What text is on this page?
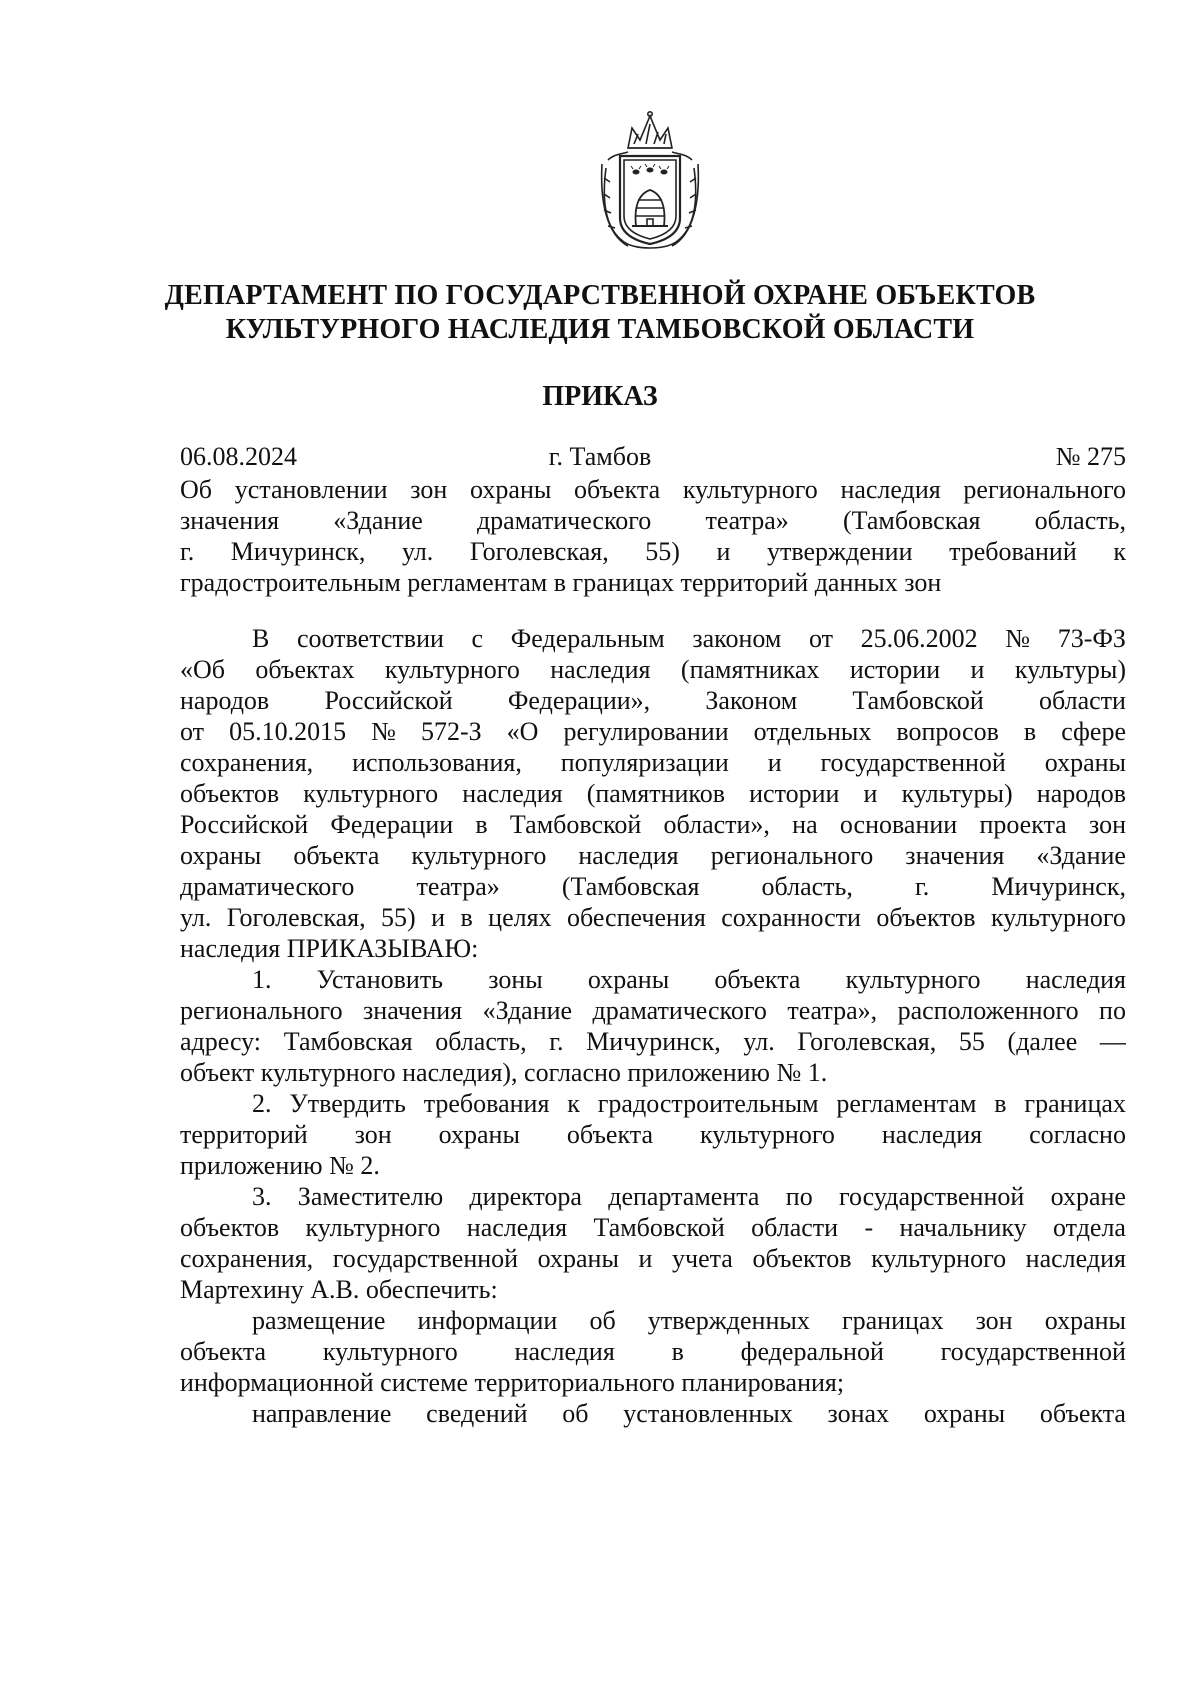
ДЕПАРТАМЕНТ ПО ГОСУДАРСТВЕННОЙ ОХРАНЕ ОБЪЕКТОВ
КУЛЬТУРНОГО НАСЛЕДИЯ ТАМБОВСКОЙ ОБЛАСТИ
ПРИКАЗ
06.08.2024	г. Тамбов	№ 275
Об установлении зон охраны объекта культурного наследия регионального
значения «Здание драматического театра» (Тамбовская область,
г. Мичуринск, ул. Гоголевская, 55) и утверждении требований к
градостроительным регламентам в границах территорий данных зон
В соответствии с Федеральным законом от 25.06.2002 № 73-ФЗ
«Об объектах культурного наследия (памятниках истории и культуры)
народов Российской Федерации», Законом Тамбовской области
от 05.10.2015 № 572-З «О регулировании отдельных вопросов в сфере
сохранения, использования, популяризации и государственной охраны
объектов культурного наследия (памятников истории и культуры) народов
Российской Федерации в Тамбовской области», на основании проекта зон
охраны объекта культурного наследия регионального значения «Здание
драматического театра» (Тамбовская область, г. Мичуринск,
ул. Гоголевская, 55) и в целях обеспечения сохранности объектов культурного
наследия ПРИКАЗЫВАЮ:
1. Установить зоны охраны объекта культурного наследия
регионального значения «Здание драматического театра», расположенного по
адресу: Тамбовская область, г. Мичуринск, ул. Гоголевская, 55 (далее —
объект культурного наследия), согласно приложению № 1.
2. Утвердить требования к градостроительным регламентам в границах
территорий зон охраны объекта культурного наследия согласно
приложению № 2.
3. Заместителю директора департамента по государственной охране
объектов культурного наследия Тамбовской области - начальнику отдела
сохранения, государственной охраны и учета объектов культурного наследия
Мартехину А.В. обеспечить:
размещение информации об утвержденных границах зон охраны
объекта культурного наследия в федеральной государственной
информационной системе территориального планирования;
направление сведений об установленных зонах охраны объекта
